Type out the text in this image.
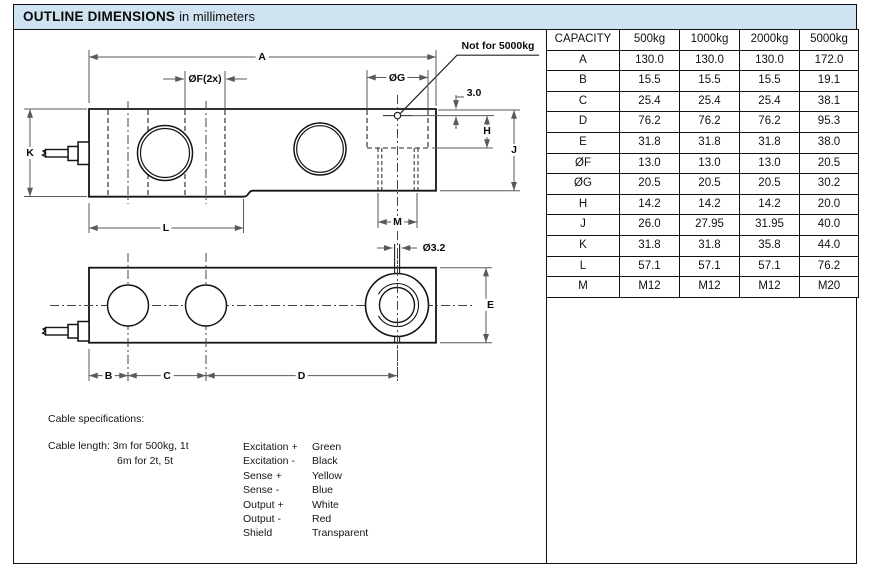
OUTLINE DIMENSIONS in millimeters
Not for 5000kg
A
ØF(2x)	ØG
3.0
H
J
K
L	M
Ø3.2
E
B	C	D
CAPACITY	500kg	1000kg	2000kg	5000kg
A	130.0	130.0	130.0	172.0
B	15.5	15.5	15.5	19.1
C	25.4	25.4	25.4	38.1
D	76.2	76.2	76.2	95.3
E	31.8	31.8	31.8	38.0
ØF	13.0	13.0	13.0	20.5
ØG	20.5	20.5	20.5	30.2
H	14.2	14.2	14.2	20.0
J	26.0	27.95	31.95	40.0
K	31.8	31.8	35.8	44.0
L	57.1	57.1	57.1	76.2
M	M12	M12	M12	M20
Cable specifications:
Cable length: 3m for 500kg, 1t
6m for 2t, 5t
Excitation +	Green
Excitation -	Black
Sense +	Yellow
Sense -	Blue
Output +	White
Output -	Red
Shield	Transparent
